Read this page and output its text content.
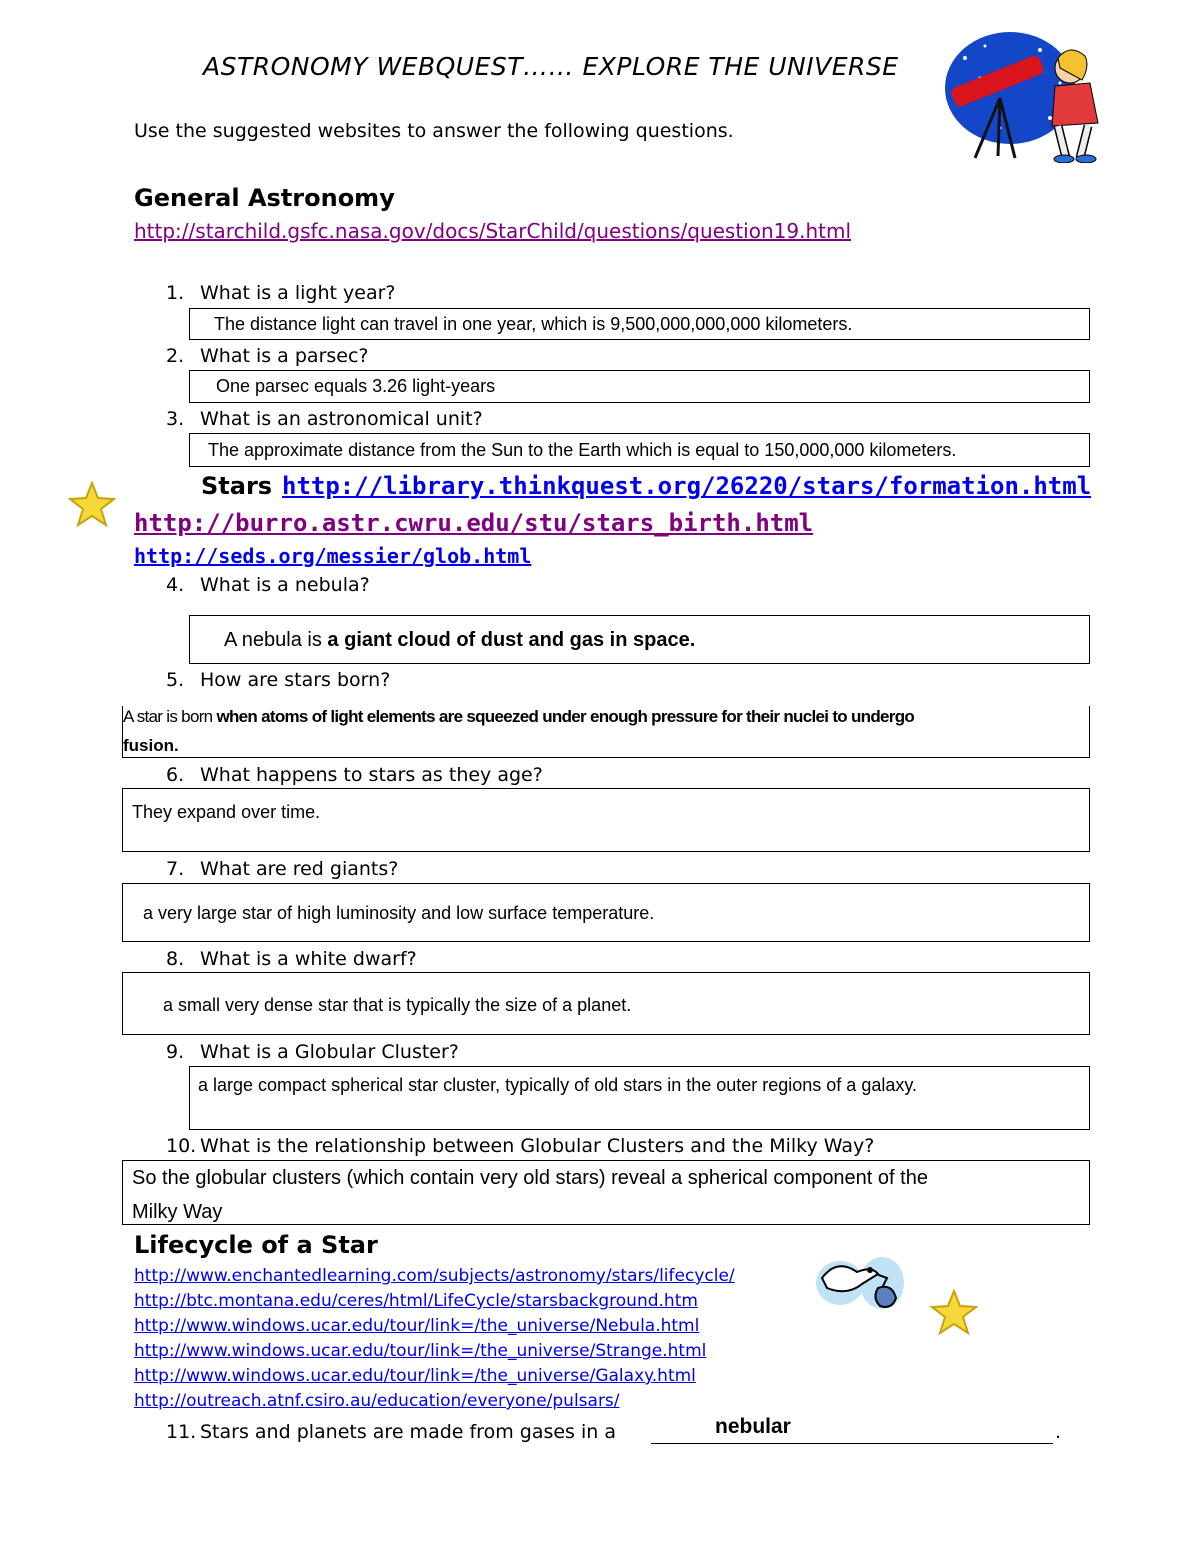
ASTRONOMY WEBQUEST…… EXPLORE THE UNIVERSE
Use the suggested websites to answer the following questions.
General Astronomy
http://starchild.gsfc.nasa.gov/docs/StarChild/questions/question19.html
1. What is a light year?
The distance light can travel in one year, which is 9,500,000,000,000 kilometers.
2. What is a parsec?
One parsec equals 3.26 light-years
3. What is an astronomical unit?
The approximate distance from the Sun to the Earth which is equal to 150,000,000 kilometers.
Stars http://library.thinkquest.org/26220/stars/formation.html
http://burro.astr.cwru.edu/stu/stars_birth.html
http://seds.org/messier/glob.html
4. What is a nebula?
A nebula is a giant cloud of dust and gas in space.
5. How are stars born?
A star is born when atoms of light elements are squeezed under enough pressure for their nuclei to undergo
fusion.
6. What happens to stars as they age?
They expand over time.
7. What are red giants?
a very large star of high luminosity and low surface temperature.
8. What is a white dwarf?
a small very dense star that is typically the size of a planet.
9. What is a Globular Cluster?
a large compact spherical star cluster, typically of old stars in the outer regions of a galaxy.
10. What is the relationship between Globular Clusters and the Milky Way?
So the globular clusters (which contain very old stars) reveal a spherical component of the
Milky Way
Lifecycle of a Star
http://www.enchantedlearning.com/subjects/astronomy/stars/lifecycle/
http://btc.montana.edu/ceres/html/LifeCycle/starsbackground.htm
http://www.windows.ucar.edu/tour/link=/the_universe/Nebula.html
http://www.windows.ucar.edu/tour/link=/the_universe/Strange.html
http://www.windows.ucar.edu/tour/link=/the_universe/Galaxy.html
http://outreach.atnf.csiro.au/education/everyone/pulsars/
11. Stars and planets are made from gases in a	nebular	.
